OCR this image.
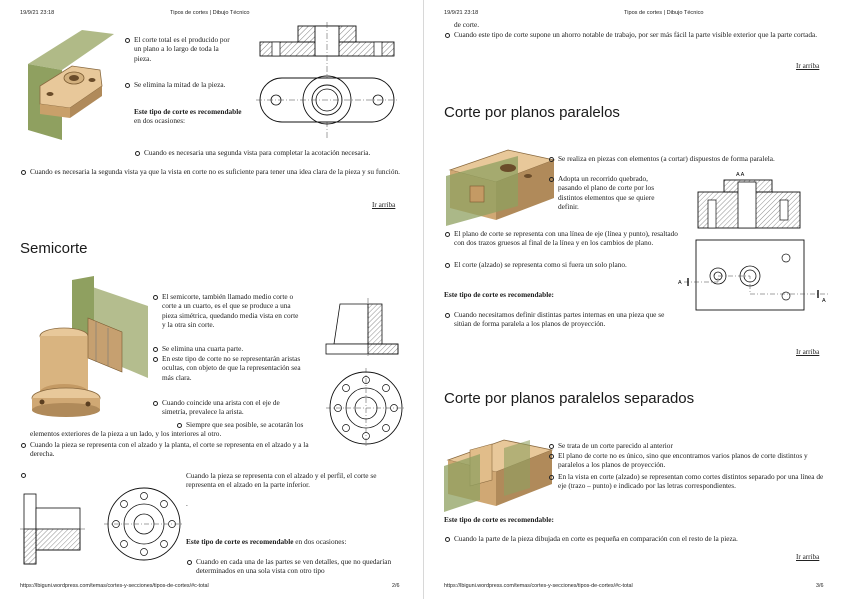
19/9/21 23:18	Tipos de cortes | Dibujo Técnico
El corte total es el producido por un plano a lo largo de toda la pieza.
Se elimina la mitad de la pieza.
Este tipo de corte es recomendable en dos ocasiones:
Cuando es necesaria una segunda vista para completar la acotación necesaria.
Cuando es necesaria la segunda vista ya que la vista en corte no es suficiente para tener una idea clara de la pieza y su función.
Ir arriba
Semicorte
El semicorte, también llamado medio corte o corte a un cuarto, es el que se produce a una pieza simétrica, quedando media vista en corte y la otra sin corte.
Se elimina una cuarta parte.
En este tipo de corte no se representarán aristas ocultas, con objeto de que la representación sea más clara.
Cuando coincide una arista con el eje de simetría, prevalece la arista.
Siempre que sea posible, se acotarán los elementos exteriores de la pieza a un lado, y los interiores al otro.
Cuando la pieza se representa con el alzado y la planta, el corte se representa en el alzado y a la derecha.
Cuando la pieza se representa con el alzado y el perfil, el corte se representa en el alzado en la parte inferior.
.
Este tipo de corte es recomendable en dos ocasiones:
Cuando en cada una de las partes se ven detalles, que no quedarían determinados en una sola vista con otro tipo
https://lbiguni.wordpress.com/temas/cortes-y-secciones/tipos-de-cortes/#c-total	2/6
19/9/21 23:18	Tipos de cortes | Dibujo Técnico
de corte.
Cuando este tipo de corte supone un ahorro notable de trabajo, por ser más fácil la parte visible exterior que la parte cortada.
Ir arriba
Corte por planos paralelos
Se realiza en piezas con elementos (a cortar) dispuestos de forma paralela.
Adopta un recorrido quebrado, pasando el plano de corte por los distintos elementos que se quiere definir.
El plano de corte se representa con una línea de eje (línea y punto), resaltado con dos trazos gruesos al final de la línea y en los cambios de plano.
El corte (alzado) se representa como si fuera un solo plano.
Este tipo de corte es recomendable:
Cuando necesitamos definir distintas partes internas en una pieza que se sitúan de forma paralela a los planos de proyección.
A A
A
A
Ir arriba
Corte por planos paralelos separados
Se trata de un corte parecido al anterior
El plano de corte no es único, sino que encontramos varios planos de corte distintos y paralelos a los planos de proyección.
En la vista en corte (alzado) se representan como cortes distintos separado por una línea de eje (trazo – punto) e indicado por las letras correspondientes.
Este tipo de corte es recomendable:
Cuando la parte de la pieza dibujada en corte es pequeña en comparación con el resto de la pieza.
Ir arriba
https://lbiguni.wordpress.com/temas/cortes-y-secciones/tipos-de-cortes/#c-total	3/6
